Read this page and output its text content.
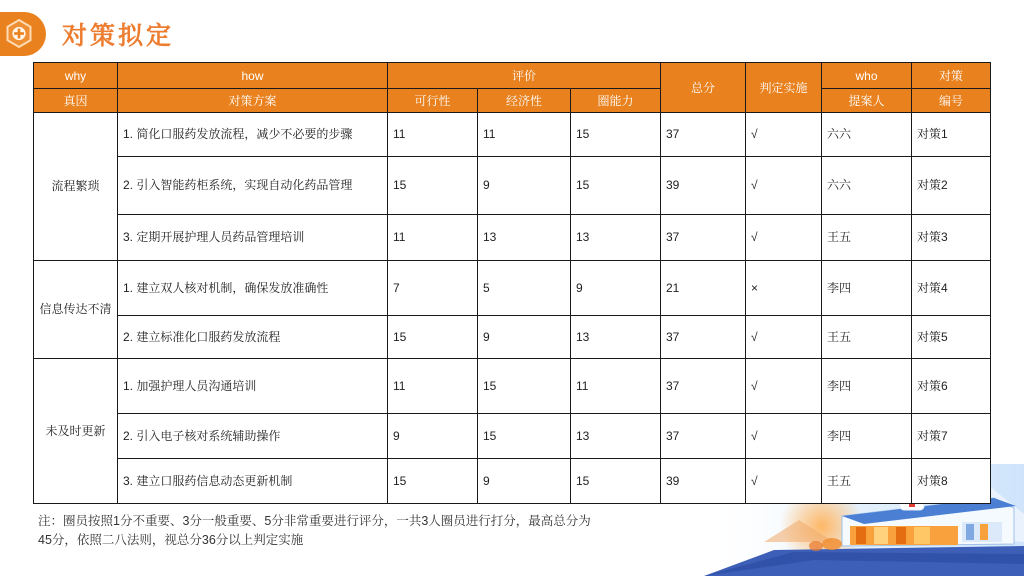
对策拟定
why	how	评价			总分	判定实施	who	对策
真因	对策方案	可行性	经济性	圈能力			提案人	编号
流程繁琐	1. 简化口服药发放流程，减少不必要的步骤	11	11	15	37	√	六六	对策1
	2. 引入智能药柜系统，实现自动化药品管理	15	9	15	39	√	六六	对策2
	3. 定期开展护理人员药品管理培训	11	13	13	37	√	王五	对策3
信息传达不清	1. 建立双人核对机制，确保发放准确性	7	5	9	21	×	李四	对策4
	2. 建立标准化口服药发放流程	15	9	13	37	√	王五	对策5
未及时更新	1. 加强护理人员沟通培训	11	15	11	37	√	李四	对策6
	2. 引入电子核对系统辅助操作	9	15	13	37	√	李四	对策7
	3. 建立口服药信息动态更新机制	15	9	15	39	√	王五	对策8
注：圈员按照1分不重要、3分一般重要、5分非常重要进行评分，一共3人圈员进行打分，最高总分为
45分，依照二八法则，视总分36分以上判定实施
